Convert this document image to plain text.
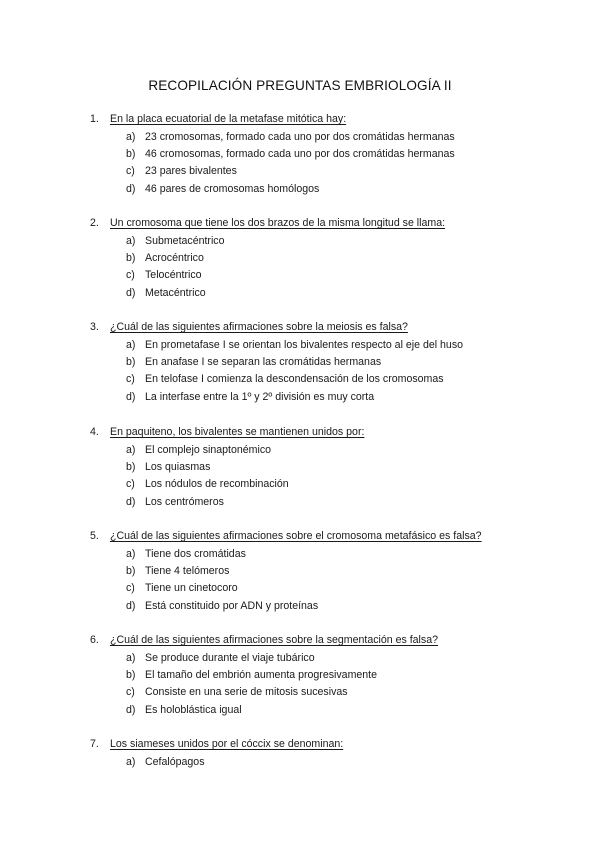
RECOPILACIÓN PREGUNTAS EMBRIOLOGÍA II
1.	En la placa ecuatorial de la metafase mitótica hay:
a) 23 cromosomas, formado cada uno por dos cromátidas hermanas
b) 46 cromosomas, formado cada uno por dos cromátidas hermanas
c) 23 pares bivalentes
d) 46 pares de cromosomas homólogos
2.	Un cromosoma que tiene los dos brazos de la misma longitud se llama:
a) Submetacéntrico
b) Acrocéntrico
c) Telocéntrico
d) Metacéntrico
3.	¿Cuál de las siguientes afirmaciones sobre la meiosis es falsa?
a) En prometafase I se orientan los bivalentes respecto al eje del huso
b) En anafase I se separan las cromátidas hermanas
c) En telofase I comienza la descondensación de los cromosomas
d) La interfase entre la 1º y 2º división es muy corta
4.	En paquiteno, los bivalentes se mantienen unidos por:
a) El complejo sinaptonémico
b) Los quiasmas
c) Los nódulos de recombinación
d) Los centrómeros
5.	¿Cuál de las siguientes afirmaciones sobre el cromosoma metafásico es falsa?
a) Tiene dos cromátidas
b) Tiene 4 telómeros
c) Tiene un cinetocoro
d) Está constituido por ADN y proteínas
6.	¿Cuál de las siguientes afirmaciones sobre la segmentación es falsa?
a) Se produce durante el viaje tubárico
b) El tamaño del embrión aumenta progresivamente
c) Consiste en una serie de mitosis sucesivas
d) Es holoblástica igual
7.	Los siameses unidos por el cóccix se denominan:
a) Cefalópagos
